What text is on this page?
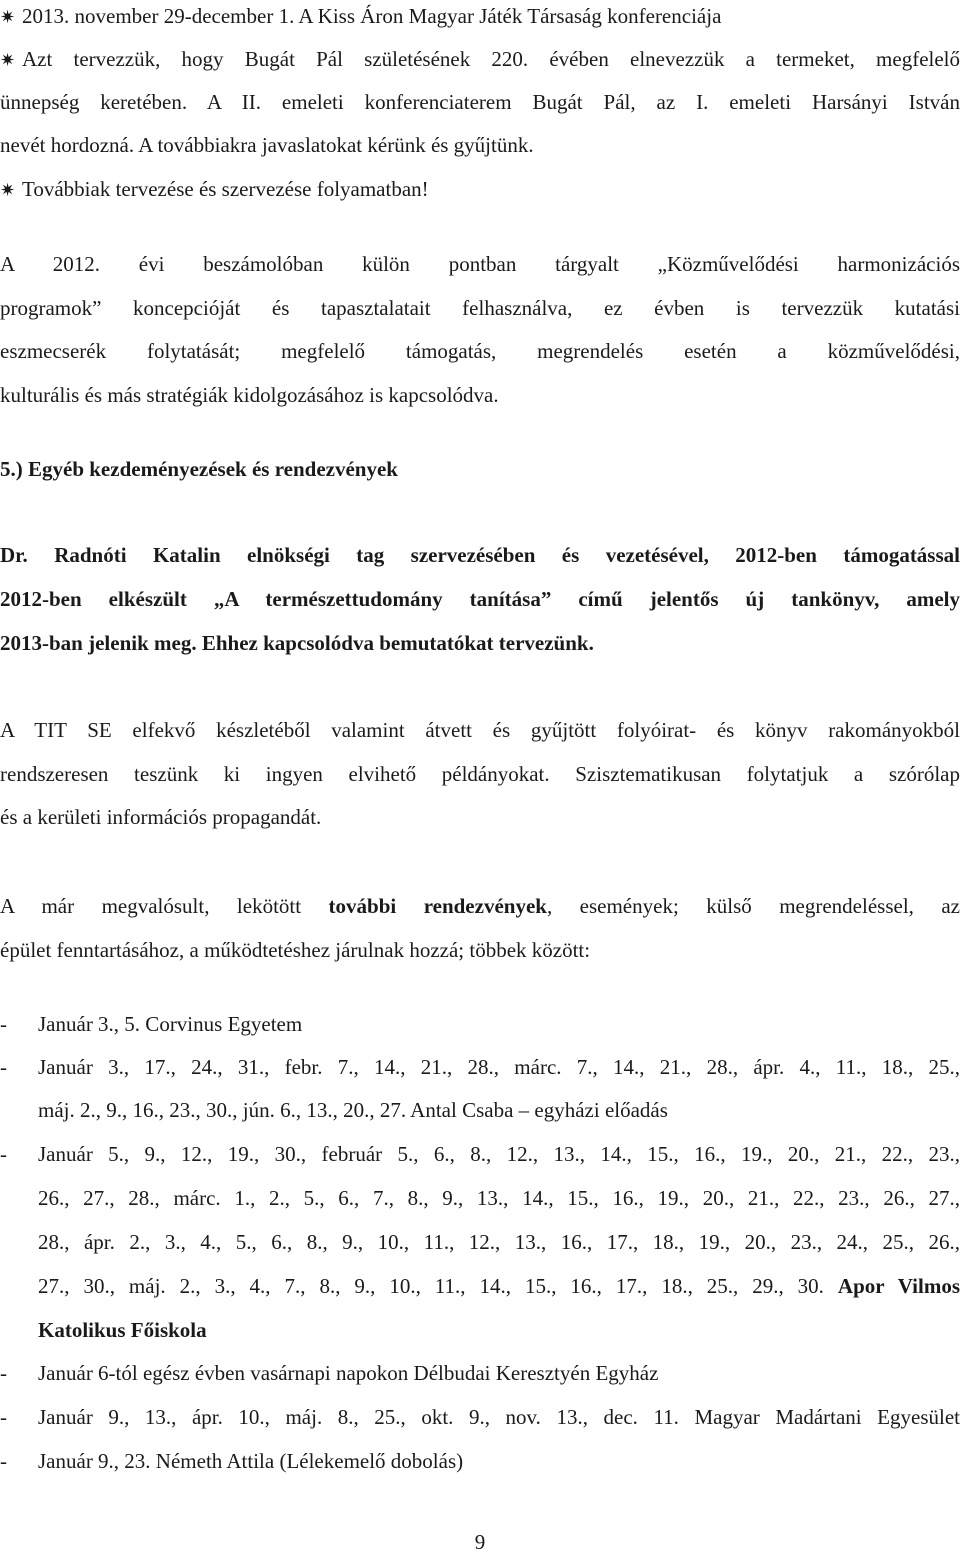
✷ 2013. november 29-december 1. A Kiss Áron Magyar Játék Társaság konferenciája
✷ Azt tervezzük, hogy Bugát Pál születésének 220. évében elnevezzük a termeket, megfelelő
ünnepség keretében. A II. emeleti konferenciaterem Bugát Pál, az I. emeleti Harsányi István
nevét hordozná. A továbbiakra javaslatokat kérünk és gyűjtünk.
✷ Továbbiak tervezése és szervezése folyamatban!
A 2012. évi beszámolóban külön pontban tárgyalt „Közművelődési harmonizációs
programok” koncepcióját és tapasztalatait felhasználva, ez évben is tervezzük kutatási
eszmecserék folytatását; megfelelő támogatás, megrendelés esetén a közművelődési,
kulturális és más stratégiák kidolgozásához is kapcsolódva.
5.) Egyéb kezdeményezések és rendezvények
Dr. Radnóti Katalin elnökségi tag szervezésében és vezetésével, 2012-ben támogatással
2012-ben elkészült „A természettudomány tanítása” című jelentős új tankönyv, amely
2013-ban jelenik meg. Ehhez kapcsolódva bemutatókat tervezünk.
A TIT SE elfekvő készletéből valamint átvett és gyűjtött folyóirat- és könyv rakományokból
rendszeresen teszünk ki ingyen elvihető példányokat. Szisztematikusan folytatjuk a szórólap
és a kerületi információs propagandát.
A már megvalósult, lekötött további rendezvények, események; külső megrendeléssel, az
épület fenntartásához, a működtetéshez járulnak hozzá; többek között:
- Január 3., 5. Corvinus Egyetem
- Január 3., 17., 24., 31., febr. 7., 14., 21., 28., márc. 7., 14., 21., 28., ápr. 4., 11., 18., 25.,
máj. 2., 9., 16., 23., 30., jún. 6., 13., 20., 27. Antal Csaba – egyházi előadás
- Január 5., 9., 12., 19., 30., február 5., 6., 8., 12., 13., 14., 15., 16., 19., 20., 21., 22., 23.,
26., 27., 28., márc. 1., 2., 5., 6., 7., 8., 9., 13., 14., 15., 16., 19., 20., 21., 22., 23., 26., 27.,
28., ápr. 2., 3., 4., 5., 6., 8., 9., 10., 11., 12., 13., 16., 17., 18., 19., 20., 23., 24., 25., 26.,
27., 30., máj. 2., 3., 4., 7., 8., 9., 10., 11., 14., 15., 16., 17., 18., 25., 29., 30. Apor Vilmos
Katolikus Főiskola
- Január 6-tól egész évben vasárnapi napokon Délbudai Keresztyén Egyház
- Január 9., 13., ápr. 10., máj. 8., 25., okt. 9., nov. 13., dec. 11. Magyar Madártani Egyesület
- Január 9., 23. Németh Attila (Lélekemelő dobolás)
9
